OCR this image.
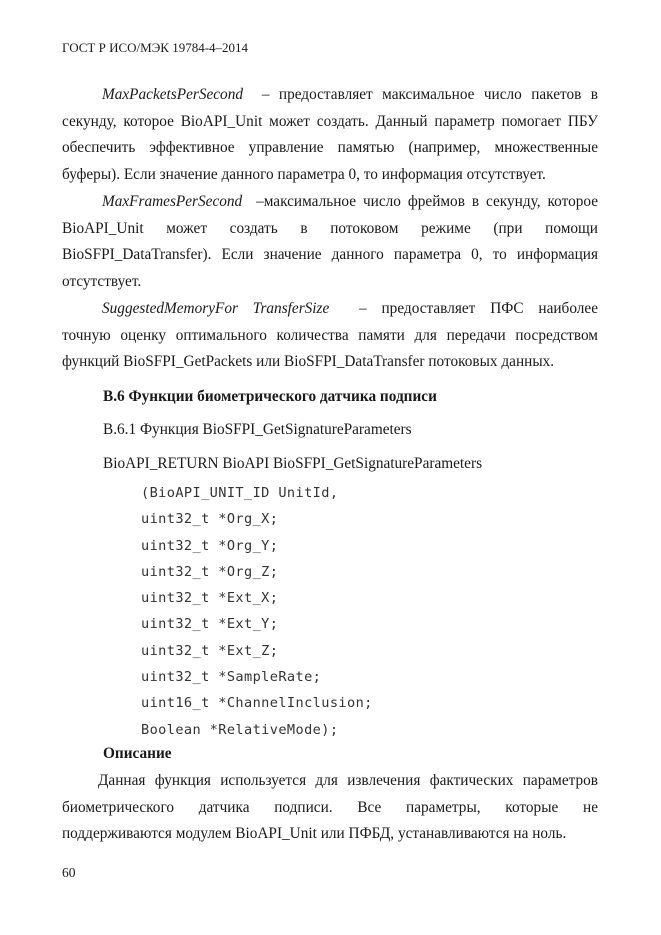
ГОСТ Р ИСО/МЭК 19784-4–2014
MaxPacketsPerSecond – предоставляет максимальное число пакетов в
секунду, которое BioAPI_Unit может создать. Данный параметр помогает ПБУ
обеспечить эффективное управление памятью (например, множественные
буферы). Если значение данного параметра 0, то информация отсутствует.
MaxFramesPerSecond –максимальное число фреймов в секунду, которое
BioAPI_Unit может создать в потоковом режиме (при помощи
BioSFPI_DataTransfer). Если значение данного параметра 0, то информация
отсутствует.
SuggestedMemoryFor TransferSize – предоставляет ПФС наиболее
точную оценку оптимального количества памяти для передачи посредством
функций BioSFPI_GetPackets или BioSFPI_DataTransfer потоковых данных.
B.6 Функции биометрического датчика подписи
B.6.1 Функция BioSFPI_GetSignatureParameters
BioAPI_RETURN BioAPI BioSFPI_GetSignatureParameters
(BioAPI_UNIT_ID UnitId,
uint32_t *Org_X;
uint32_t *Org_Y;
uint32_t *Org_Z;
uint32_t *Ext_X;
uint32_t *Ext_Y;
uint32_t *Ext_Z;
uint32_t *SampleRate;
uint16_t *ChannelInclusion;
Boolean *RelativeMode);
Описание
Данная функция используется для извлечения фактических параметров
биометрического датчика подписи. Все параметры, которые не
поддерживаются модулем BioAPI_Unit или ПФБД, устанавливаются на ноль.
60
